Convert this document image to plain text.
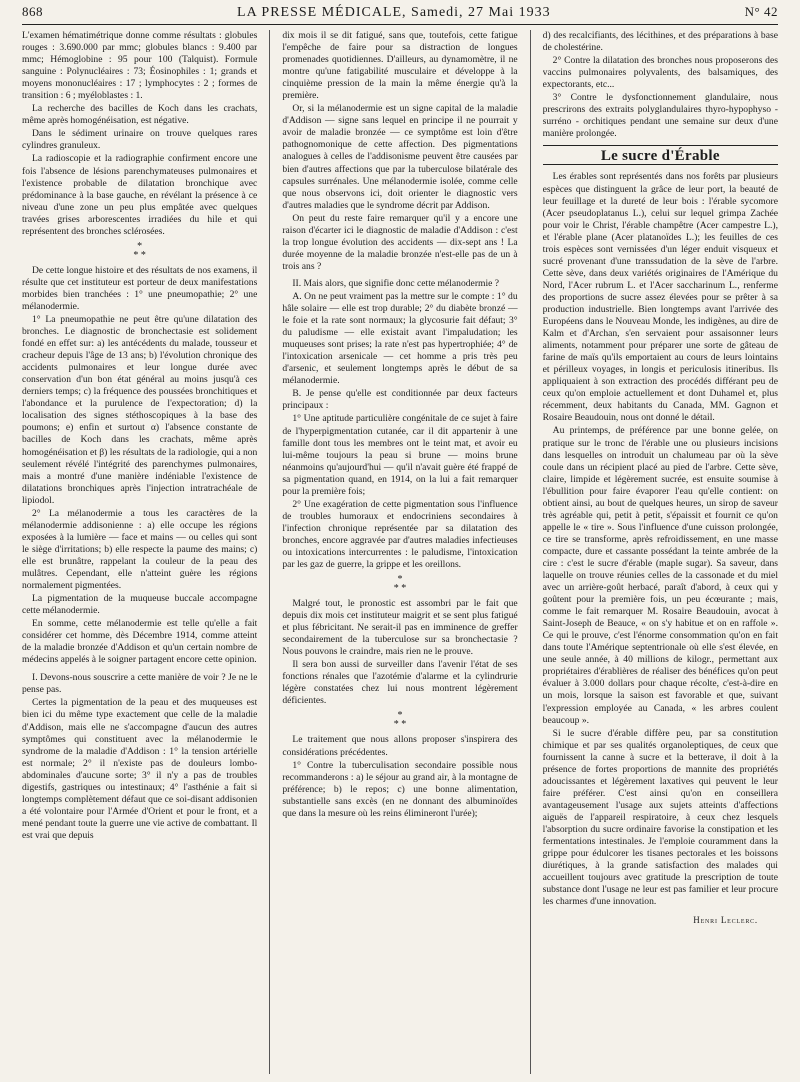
868	LA PRESSE MÉDICALE, Samedi, 27 Mai 1933	N° 42

L'examen hématimétrique donne comme résultats : globules rouges : 3.690.000 par mmc; globules blancs : 9.400 par mmc; Hémoglobine : 95 pour 100 (Talquist). Formule sanguine : Polynucléaires : 73; Éosinophiles : 1; grands et moyens mononucléaires : 17 ; lymphocytes : 2 ; formes de transition : 6 ; myéloblastes : 1.

La recherche des bacilles de Koch dans les crachats, même après homogénéisation, est négative.

Dans le sédiment urinaire on trouve quelques rares cylindres granuleux.

La radioscopie et la radiographie confirment encore une fois l'absence de lésions parenchymateuses pulmonaires et l'existence probable de dilatation bronchique avec prédominance à la base gauche, en révélant la présence à ce niveau d'une zone un peu plus empâtée avec quelques travées grises arborescentes irradiées du hile et qui représentent des bronches sclérosées.

*
* *

De cette longue histoire et des résultats de nos examens, il résulte que cet instituteur est porteur de deux manifestations morbides bien tranchées : 1° une pneumopathie; 2° une mélanodermie.

1° La pneumopathie ne peut être qu'une dilatation des bronches. Le diagnostic de bronchectasie est solidement fondé en effet sur: a) les antécédents du malade, tousseur et cracheur depuis l'âge de 13 ans; b) l'évolution chronique des accidents pulmonaires et leur longue durée avec conservation d'un bon état général au moins jusqu'à ces derniers temps; c) la fréquence des poussées bronchitiques et l'abondance et la purulence de l'expectoration; d) la localisation des signes stéthoscopiques à la base des poumons; e) enfin et surtout α) l'absence constante de bacilles de Koch dans les crachats, même après homogénéisation et β) les résultats de la radiologie, qui a non seulement révélé l'intégrité des parenchymes pulmonaires, mais a montré d'une manière indéniable l'existence de dilatations bronchiques après l'injection intratrachéale de lipiodol.

2° La mélanodermie a tous les caractères de la mélanodermie addisonienne : a) elle occupe les régions exposées à la lumière — face et mains — ou celles qui sont le siège d'irritations; b) elle respecte la paume des mains; c) elle est brunâtre, rappelant la couleur de la peau des mulâtres. Cependant, elle n'atteint guère les régions normalement pigmentées.

La pigmentation de la muqueuse buccale accompagne cette mélanodermie.

En somme, cette mélanodermie est telle qu'elle a fait considérer cet homme, dès Décembre 1914, comme atteint de la maladie bronzée d'Addison et qu'un certain nombre de médecins appelés à le soigner partagent encore cette opinion.

I. Devons-nous souscrire a cette manière de voir ? Je ne le pense pas.

Certes la pigmentation de la peau et des muqueuses est bien ici du même type exactement que celle de la maladie d'Addison, mais elle ne s'accompagne d'aucun des autres symptômes qui constituent avec la mélanodermie le syndrome de la maladie d'Addison : 1° la tension artérielle est normale; 2° il n'existe pas de douleurs lombo-abdominales d'aucune sorte; 3° il n'y a pas de troubles digestifs, gastriques ou intestinaux; 4° l'asthénie a fait si longtemps complètement défaut que ce soi-disant addisonien a été volontaire pour l'Armée d'Orient et pour le front, et a mené pendant toute la guerre une vie active de combattant. Il est vrai que depuis

dix mois il se dit fatigué, sans que, toutefois, cette fatigue l'empêche de faire pour sa distraction de longues promenades quotidiennes. D'ailleurs, au dynamomètre, il ne montre qu'une fatigabilité musculaire et développe à la cinquième pression de la main la même énergie qu'à la première.

Or, si la mélanodermie est un signe capital de la maladie d'Addison — signe sans lequel en principe il ne pourrait y avoir de maladie bronzée — ce symptôme est loin d'être pathognomonique de cette affection. Des pigmentations analogues à celles de l'addisonisme peuvent être causées par bien d'autres affections que par la tuberculose bilatérale des capsules surrénales. Une mélanodermie isolée, comme celle que nous observons ici, doit orienter le diagnostic vers d'autres maladies que le syndrome décrit par Addison.

On peut du reste faire remarquer qu'il y a encore une raison d'écarter ici le diagnostic de maladie d'Addison : c'est la trop longue évolution des accidents — dix-sept ans ! La durée moyenne de la maladie bronzée n'est-elle pas de un à trois ans ?

II. Mais alors, que signifie donc cette mélanodermie ?

A. On ne peut vraiment pas la mettre sur le compte : 1° du hâle solaire — elle est trop durable; 2° du diabète bronzé — le foie et la rate sont normaux; la glycosurie fait défaut; 3° du paludisme — elle existait avant l'impaludation; les muqueuses sont prises; la rate n'est pas hypertrophiée; 4° de l'intoxication arsenicale — cet homme a pris très peu d'arsenic, et seulement longtemps après le début de sa mélanodermie.

B. Je pense qu'elle est conditionnée par deux facteurs principaux :

1° Une aptitude particulière congénitale de ce sujet à faire de l'hyperpigmentation cutanée, car il dit appartenir à une famille dont tous les membres ont le teint mat, et avoir eu lui-même toujours la peau si brune — moins brune néanmoins qu'aujourd'hui — qu'il n'avait guère été frappé de sa pigmentation quand, en 1914, on la lui a fait remarquer pour la première fois;

2° Une exagération de cette pigmentation sous l'influence de troubles humoraux et endocriniens secondaires à l'infection chronique représentée par sa dilatation des bronches, encore aggravée par d'autres maladies infectieuses ou intoxications intercurrentes : le paludisme, l'intoxication par les gaz de guerre, la grippe et les oreillons.

*
* *

Malgré tout, le pronostic est assombri par le fait que depuis dix mois cet instituteur maigrit et se sent plus fatigué et plus fébricitant. Ne serait-il pas en imminence de greffer secondairement de la tuberculose sur sa bronchectasie ? Nous pouvons le craindre, mais rien ne le prouve.

Il sera bon aussi de surveiller dans l'avenir l'état de ses fonctions rénales que l'azotémie d'alarme et la cylindrurie légère constatées chez lui nous montrent légèrement déficientes.

*
* *

Le traitement que nous allons proposer s'inspirera des considérations précédentes.

1° Contre la tuberculisation secondaire possible nous recommanderons : a) le séjour au grand air, à la montagne de préférence; b) le repos; c) une bonne alimentation, substantielle sans excès (en ne donnant des albuminoïdes que dans la mesure où les reins élimineront l'urée);

d) des recalcifiants, des lécithines, et des préparations à base de cholestérine.

2° Contre la dilatation des bronches nous proposerons des vaccins pulmonaires polyvalents, des balsamiques, des expectorants, etc...

3° Contre le dysfonctionnement glandulaire, nous prescrirons des extraits polyglandulaires thyro-hypophyso - surréno - orchitiques pendant une semaine sur deux d'une manière prolongée.

Le sucre d'Érable

Les érables sont représentés dans nos forêts par plusieurs espèces que distinguent la grâce de leur port, la beauté de leur feuillage et la dureté de leur bois : l'érable sycomore (Acer pseudoplatanus L.), celui sur lequel grimpa Zachée pour voir le Christ, l'érable champêtre (Acer campestre L.), et l'érable plane (Acer platanoïdes L.); les feuilles de ces trois espèces sont vernissées d'un léger enduit visqueux et sucré provenant d'une transsudation de la sève de l'arbre. Cette sève, dans deux variétés originaires de l'Amérique du Nord, l'Acer rubrum L. et l'Acer saccharinum L., renferme des proportions de sucre assez élevées pour se prêter à sa production industrielle. Bien longtemps avant l'arrivée des Européens dans le Nouveau Monde, les indigènes, au dire de Kalm et d'Archan, s'en servaient pour assaisonner leurs aliments, notamment pour préparer une sorte de gâteau de farine de maïs qu'ils emportaient au cours de leurs lointains et périlleux voyages, in longis et periculosis itineribus. Ils appliquaient à son extraction des procédés différant peu de ceux qu'on emploie actuellement et dont Duhamel et, plus récemment, deux habitants du Canada, MM. Gagnon et Rosaire Beaudouin, nous ont donné le détail.

Au printemps, de préférence par une bonne gelée, on pratique sur le tronc de l'érable une ou plusieurs incisions dans lesquelles on introduit un chalumeau par où la sève coule dans un récipient placé au pied de l'arbre. Cette sève, claire, limpide et légèrement sucrée, est ensuite soumise à l'ébullition pour faire évaporer l'eau qu'elle contient: on obtient ainsi, au bout de quelques heures, un sirop de saveur très agréable qui, petit à petit, s'épaissit et fournit ce qu'on appelle le « tire ». Sous l'influence d'une cuisson prolongée, ce tire se transforme, après refroidissement, en une masse compacte, dure et cassante possédant la teinte ambrée de la cire : c'est le sucre d'érable (maple sugar). Sa saveur, dans laquelle on trouve réunies celles de la cassonade et du miel avec un arrière-goût herbacé, paraît d'abord, à ceux qui y goûtent pour la première fois, un peu écœurante ; mais, comme le fait remarquer M. Rosaire Beaudouin, avocat à Saint-Joseph de Beauce, « on s'y habitue et on en raffole ». Ce qui le prouve, c'est l'énorme consommation qu'on en fait dans toute l'Amérique septentrionale où elle s'est élevée, en une seule année, à 40 millions de kilogr., permettant aux propriétaires d'érablières de réaliser des bénéfices qu'on peut évaluer à 3.000 dollars pour chaque récolte, c'est-à-dire en un mois, lorsque la saison est favorable et que, suivant l'expression employée au Canada, « les arbres coulent beaucoup ».

Si le sucre d'érable diffère peu, par sa constitution chimique et par ses qualités organoleptiques, de ceux que fournissent la canne à sucre et la betterave, il doit à la présence de fortes proportions de mannite des propriétés adoucissantes et légèrement laxatives qui peuvent le leur faire préférer. C'est ainsi qu'on en conseillera avantageusement l'usage aux sujets atteints d'affections aiguës de l'appareil respiratoire, à ceux chez lesquels l'absorption du sucre ordinaire favorise la constipation et les fermentations intestinales. Je l'emploie couramment dans la grippe pour édulcorer les tisanes pectorales et les boissons diurétiques, à la grande satisfaction des malades qui accueillent toujours avec gratitude la prescription de toute substance dont l'usage ne leur est pas familier et leur procure les charmes d'une innovation.

Henri Leclerc.
